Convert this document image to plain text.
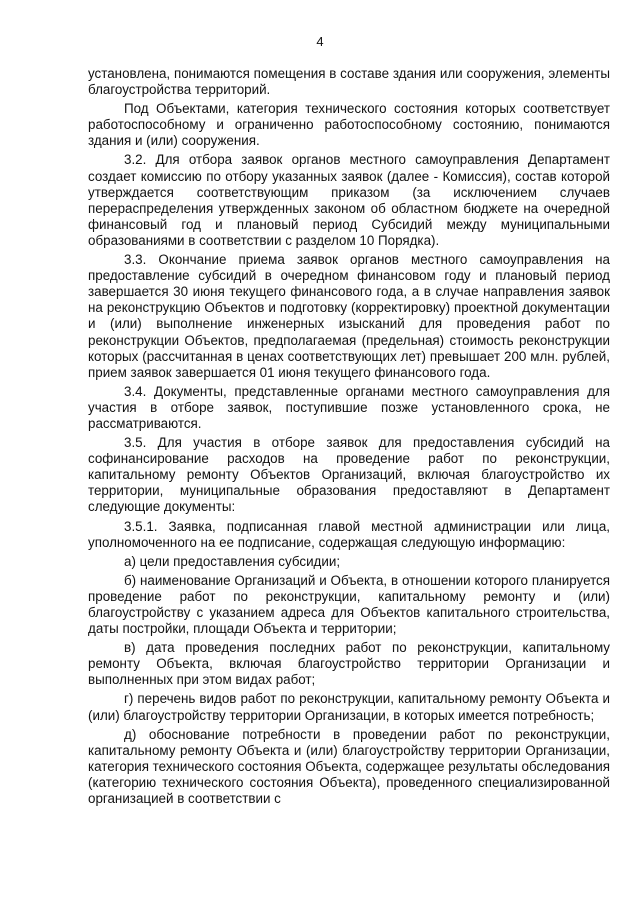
4

установлена, понимаются помещения в составе здания или сооружения, элементы благоустройства территорий.

Под Объектами, категория технического состояния которых соответствует работоспособному и ограниченно работоспособному состоянию, понимаются здания и (или) сооружения.

3.2. Для отбора заявок органов местного самоуправления Департамент создает комиссию по отбору указанных заявок (далее - Комиссия), состав которой утверждается соответствующим приказом (за исключением случаев перераспределения утвержденных законом об областном бюджете на очередной финансовый год и плановый период Субсидий между муниципальными образованиями в соответствии с разделом 10 Порядка).

3.3. Окончание приема заявок органов местного самоуправления на предоставление субсидий в очередном финансовом году и плановый период завершается 30 июня текущего финансового года, а в случае направления заявок на реконструкцию Объектов и подготовку (корректировку) проектной документации и (или) выполнение инженерных изысканий для проведения работ по реконструкции Объектов, предполагаемая (предельная) стоимость реконструкции которых (рассчитанная в ценах соответствующих лет) превышает 200 млн. рублей, прием заявок завершается 01 июня текущего финансового года.

3.4. Документы, представленные органами местного самоуправления для участия в отборе заявок, поступившие позже установленного срока, не рассматриваются.

3.5. Для участия в отборе заявок для предоставления субсидий на софинансирование расходов на проведение работ по реконструкции, капитальному ремонту Объектов Организаций, включая благоустройство их территории, муниципальные образования предоставляют в Департамент следующие документы:

3.5.1. Заявка, подписанная главой местной администрации или лица, уполномоченного на ее подписание, содержащая следующую информацию:

а) цели предоставления субсидии;

б) наименование Организаций и Объекта, в отношении которого планируется проведение работ по реконструкции, капитальному ремонту и (или) благоустройству с указанием адреса для Объектов капитального строительства, даты постройки, площади Объекта и территории;

в) дата проведения последних работ по реконструкции, капитальному ремонту Объекта, включая благоустройство территории Организации и выполненных при этом видах работ;

г) перечень видов работ по реконструкции, капитальному ремонту Объекта и (или) благоустройству территории Организации, в которых имеется потребность;

д) обоснование потребности в проведении работ по реконструкции, капитальному ремонту Объекта и (или) благоустройству территории Организации, категория технического состояния Объекта, содержащее результаты обследования (категорию технического состояния Объекта), проведенного специализированной организацией в соответствии с
